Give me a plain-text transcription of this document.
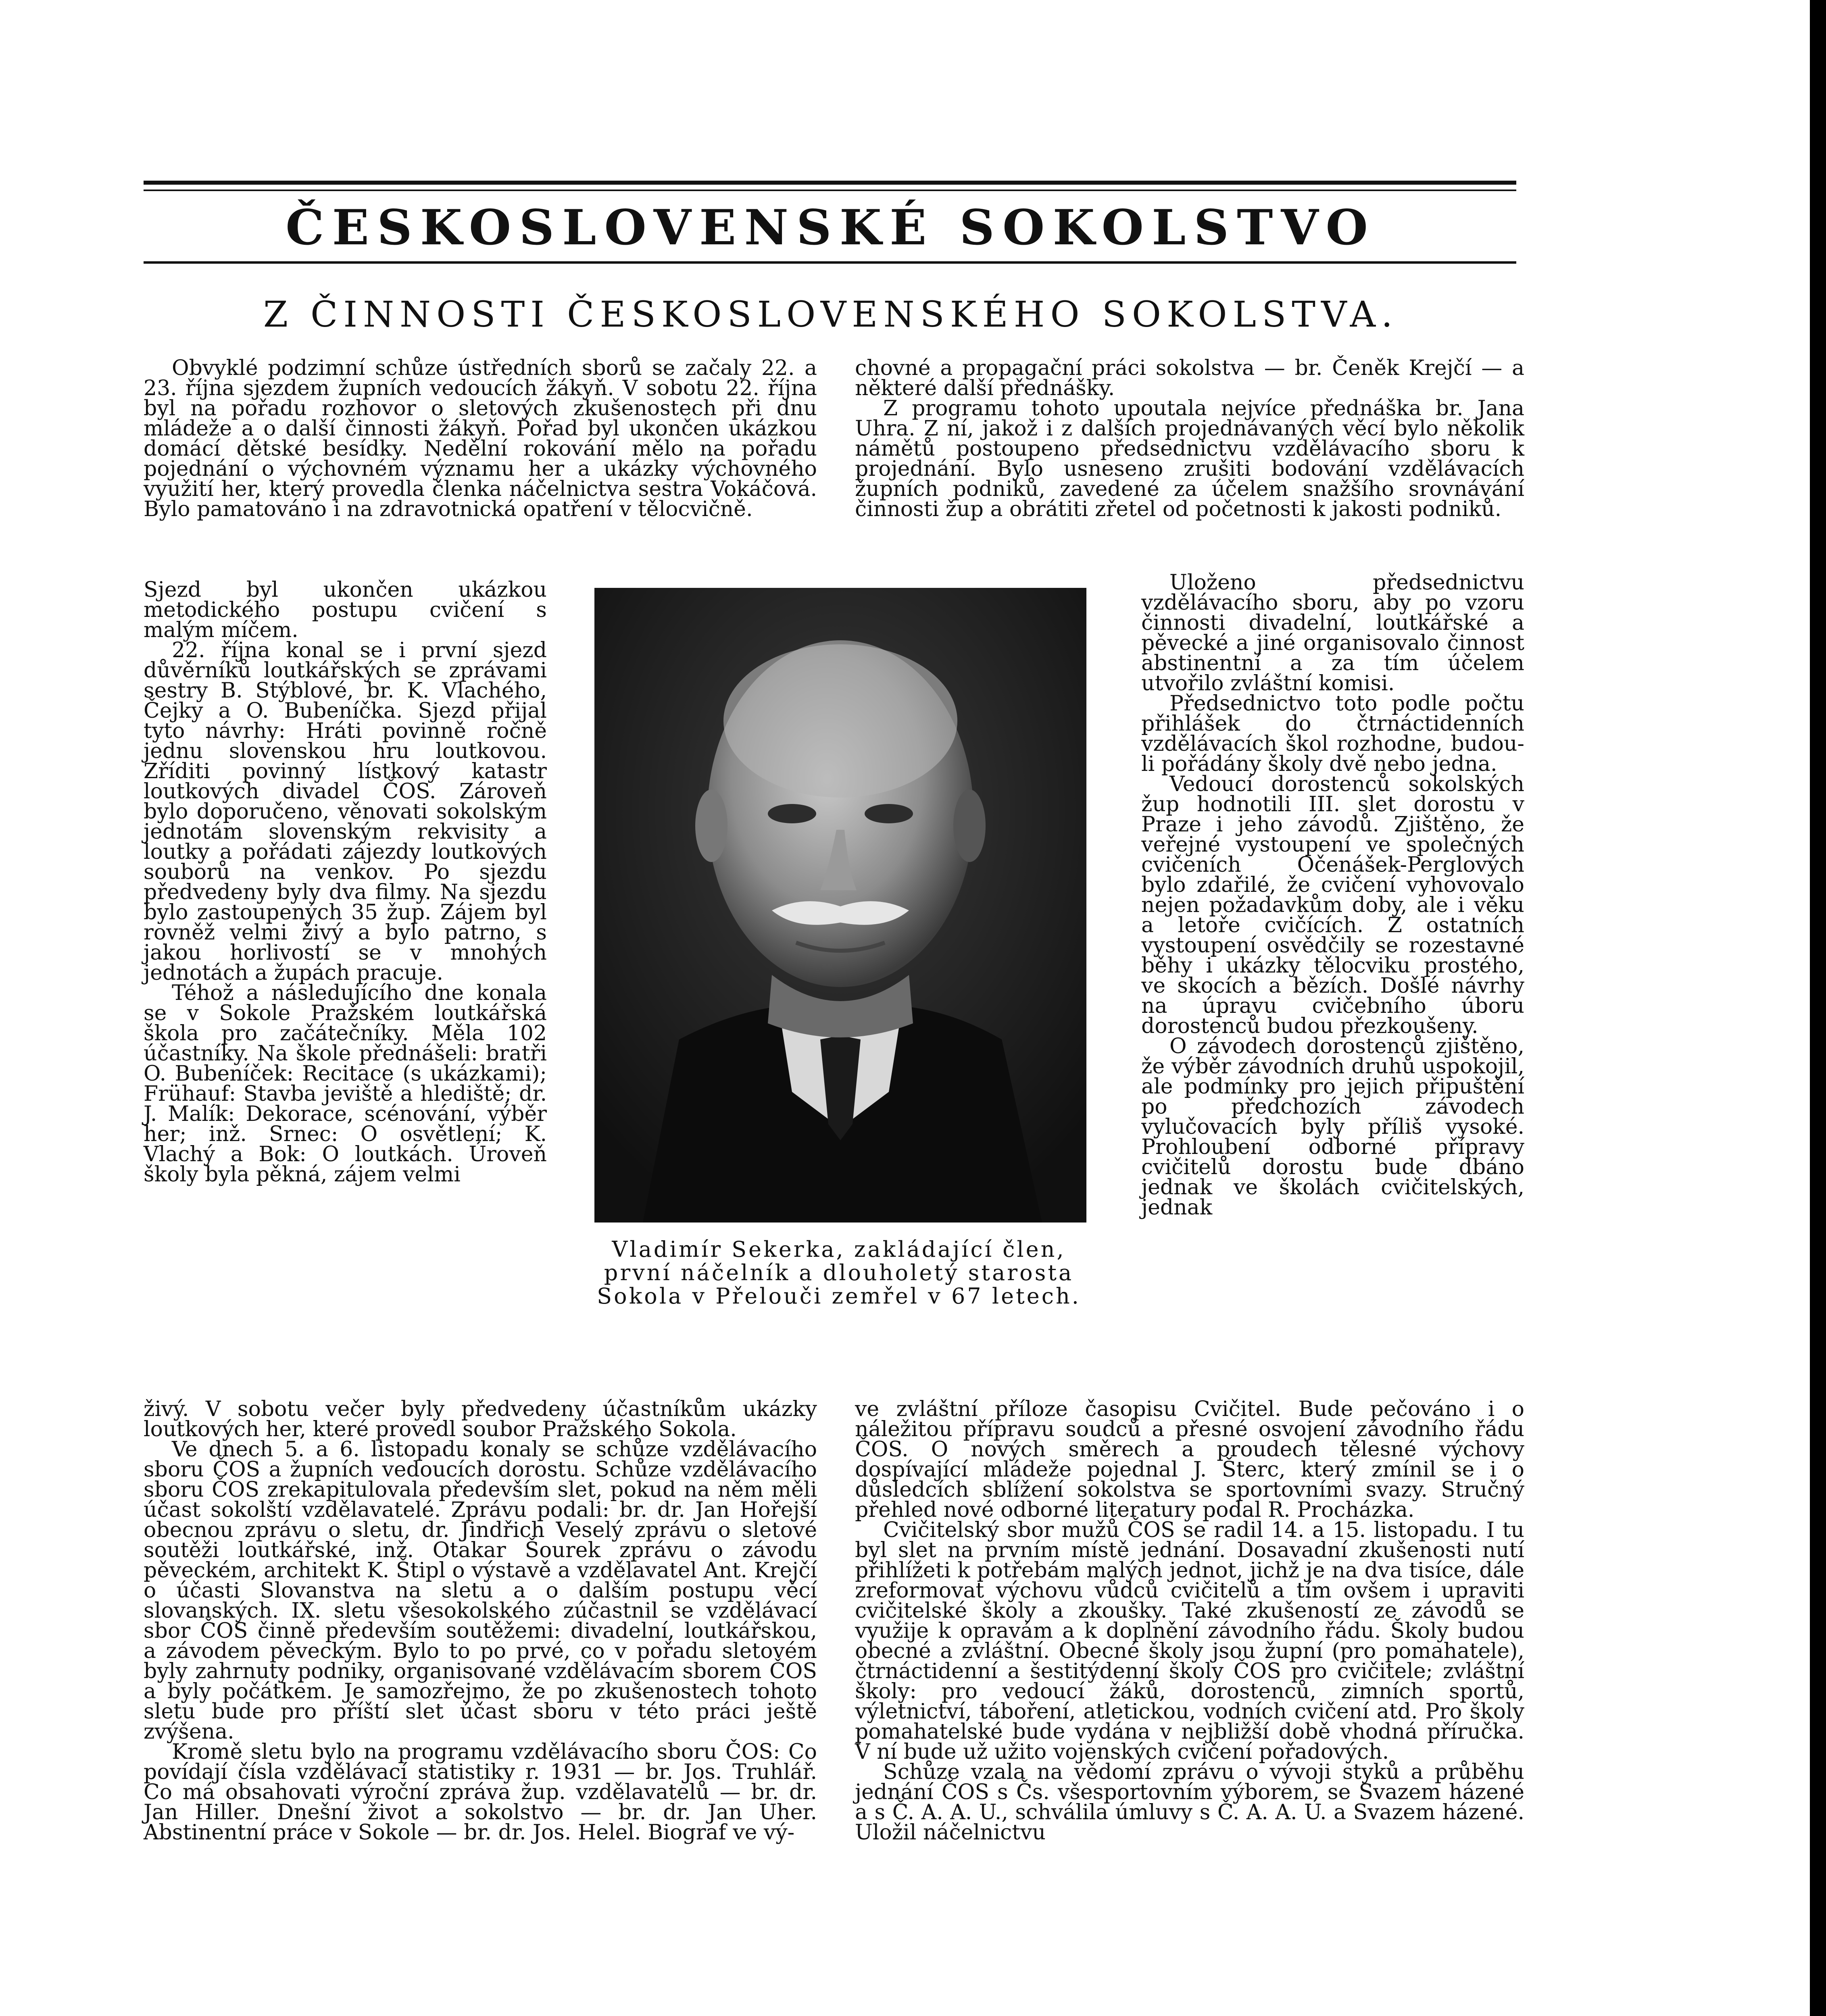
ČESKOSLOVENSKÉ SOKOLSTVO
Z ČINNOSTI ČESKOSLOVENSKÉHO SOKOLSTVA.

Obvyklé podzimní schůze ústředních sborů se začaly 22. a 23. října sjezdem župních vedoucích žákyň. V sobotu 22. října byl na pořadu rozhovor o sletových zkušenostech při dnu mládeže a o další činnosti žákyň. Pořad byl ukončen ukázkou domácí dětské besídky. Nedělní rokování mělo na pořadu pojednání o výchovném významu her a ukázky výchovného využití her, který provedla členka náčelnictva sestra Vokáčová. Bylo pamatováno i na zdravotnická opatření v tělocvičně.

Sjezd byl ukončen ukázkou metodického postupu cvičení s malým míčem.

22. října konal se i první sjezd důvěrníků loutkářských se zprávami sestry B. Stýblové, br. K. Vlachého, Čejky a O. Bubeníčka. Sjezd přijal tyto návrhy: Hráti povinně ročně jednu slovenskou hru loutkovou. Zříditi povinný lístkový katastr loutkových divadel ČOS. Zároveň bylo doporučeno, věnovati sokolským jednotám slovenským rekvisity a loutky a pořádati zájezdy loutkových souborů na venkov. Po sjezdu předvedeny byly dva filmy. Na sjezdu bylo zastoupených 35 žup. Zájem byl rovněž velmi živý a bylo patrno, s jakou horlivostí se v mnohých jednotách a župách pracuje.

Téhož a následujícího dne konala se v Sokole Pražském loutkářská škola pro začátečníky. Měla 102 účastníky. Na škole přednášeli: bratři O. Bubeníček: Recitace (s ukázkami); Frühauf: Stavba jeviště a hlediště; dr. J. Malík: Dekorace, scénování, výběr her; inž. Srnec: O osvětlení; K. Vlachý a Bok: O loutkách. Úroveň školy byla pěkná, zájem velmi

živý. V sobotu večer byly předvedeny účastníkům ukázky loutkových her, které provedl soubor Pražského Sokola.

Ve dnech 5. a 6. listopadu konaly se schůze vzdělávacího sboru ČOS a župních vedoucích dorostu. Schůze vzdělávacího sboru ČOS zrekapitulovala především slet, pokud na něm měli účast sokolští vzdělavatelé. Zprávu podali: br. dr. Jan Hořejší obecnou zprávu o sletu, dr. Jindřich Veselý zprávu o sletové soutěži loutkářské, inž. Otakar Šourek zprávu o závodu pěveckém, architekt K. Štipl o výstavě a vzdělavatel Ant. Krejčí o účasti Slovanstva na sletu a o dalším postupu věcí slovanských. IX. sletu všesokolského zúčastnil se vzdělávací sbor ČOS činně především soutěžemi: divadelní, loutkářskou, a závodem pěveckým. Bylo to po prvé, co v pořadu sletovém byly zahrnuty podniky, organisované vzdělávacím sborem ČOS a byly počátkem. Je samozřejmo, že po zkušenostech tohoto sletu bude pro příští slet účast sboru v této práci ještě zvýšena.

Kromě sletu bylo na programu vzdělávacího sboru ČOS: Co povídají čísla vzdělávací statistiky r. 1931 — br. Jos. Truhlář. Co má obsahovati výroční zpráva žup. vzdělavatelů — br. dr. Jan Hiller. Dnešní život a sokolstvo — br. dr. Jan Uher. Abstinentní práce v Sokole — br. dr. Jos. Helel. Biograf ve vý-

chovné a propagační práci sokolstva — br. Čeněk Krejčí — a některé další přednášky.

Z programu tohoto upoutala nejvíce přednáška br. Jana Uhra. Z ní, jakož i z dalších projednávaných věcí bylo několik námětů postoupeno předsednictvu vzdělávacího sboru k projednání. Bylo usneseno zrušiti bodování vzdělávacích župních podniků, zavedené za účelem snažšího srovnávání činnosti žup a obrátiti zřetel od početnosti k jakosti podniků.

Uloženo předsednictvu vzdělávacího sboru, aby po vzoru činnosti divadelní, loutkářské a pěvecké a jiné organisovalo činnost abstinentní a za tím účelem utvořilo zvláštní komisi.

Předsednictvo toto podle počtu přihlášek do čtrnáctidenních vzdělávacích škol rozhodne, budou-li pořádány školy dvě nebo jedna.

Vedoucí dorostenců sokolských žup hodnotili III. slet dorostu v Praze i jeho závodů. Zjištěno, že veřejné vystoupení ve společných cvičeních Očenášek-Perglových bylo zdařilé, že cvičení vyhovovalo nejen požadavkům doby, ale i věku a letoře cvičících. Z ostatních vystoupení osvědčily se rozestavné běhy i ukázky tělocviku prostého, ve skocích a bězích. Došlé návrhy na úpravu cvičebního úboru dorostenců budou přezkoušeny.

O závodech dorostenců zjištěno, že výběr závodních druhů uspokojil, ale podmínky pro jejich připuštění po předchozích závodech vylučovacích byly příliš vysoké. Prohloubení odborné přípravy cvičitelů dorostu bude dbáno jednak ve školách cvičitelských, jednak

ve zvláštní příloze časopisu Cvičitel. Bude pečováno i o náležitou přípravu soudců a přesné osvojení závodního řádu ČOS. O nových směrech a proudech tělesné výchovy dospívající mládeže pojednal J. Šterc, který zmínil se i o důsledcích sblížení sokolstva se sportovními svazy. Stručný přehled nové odborné literatury podal R. Procházka.

Cvičitelský sbor mužů ČOS se radil 14. a 15. listopadu. I tu byl slet na prvním místě jednání. Dosavadní zkušenosti nutí přihlížeti k potřebám malých jednot, jichž je na dva tisíce, dále zreformovat výchovu vůdců cvičitelů a tím ovšem i upraviti cvičitelské školy a zkoušky. Také zkušeností ze závodů se využije k opravám a k doplnění závodního řádu. Školy budou obecné a zvláštní. Obecné školy jsou župní (pro pomahatele), čtrnáctidenní a šestitýdenní školy ČOS pro cvičitele; zvláštní školy: pro vedoucí žáků, dorostenců, zimních sportů, výletnictví, táboření, atletickou, vodních cvičení atd. Pro školy pomahatelské bude vydána v nejbližší době vhodná příručka. V ní bude už užito vojenských cvičení pořadových.

Schůze vzala na vědomí zprávu o vývoji styků a průběhu jednání ČOS s Čs. všesportovním výborem, se Svazem házené a s Č. A. A. U., schválila úmluvy s Č. A. A. U. a Svazem házené. Uložil náčelnictvu

Vladimír Sekerka, zakládající člen, první náčelník a dlouholetý starosta Sokola v Přelouči zemřel v 67 letech.
